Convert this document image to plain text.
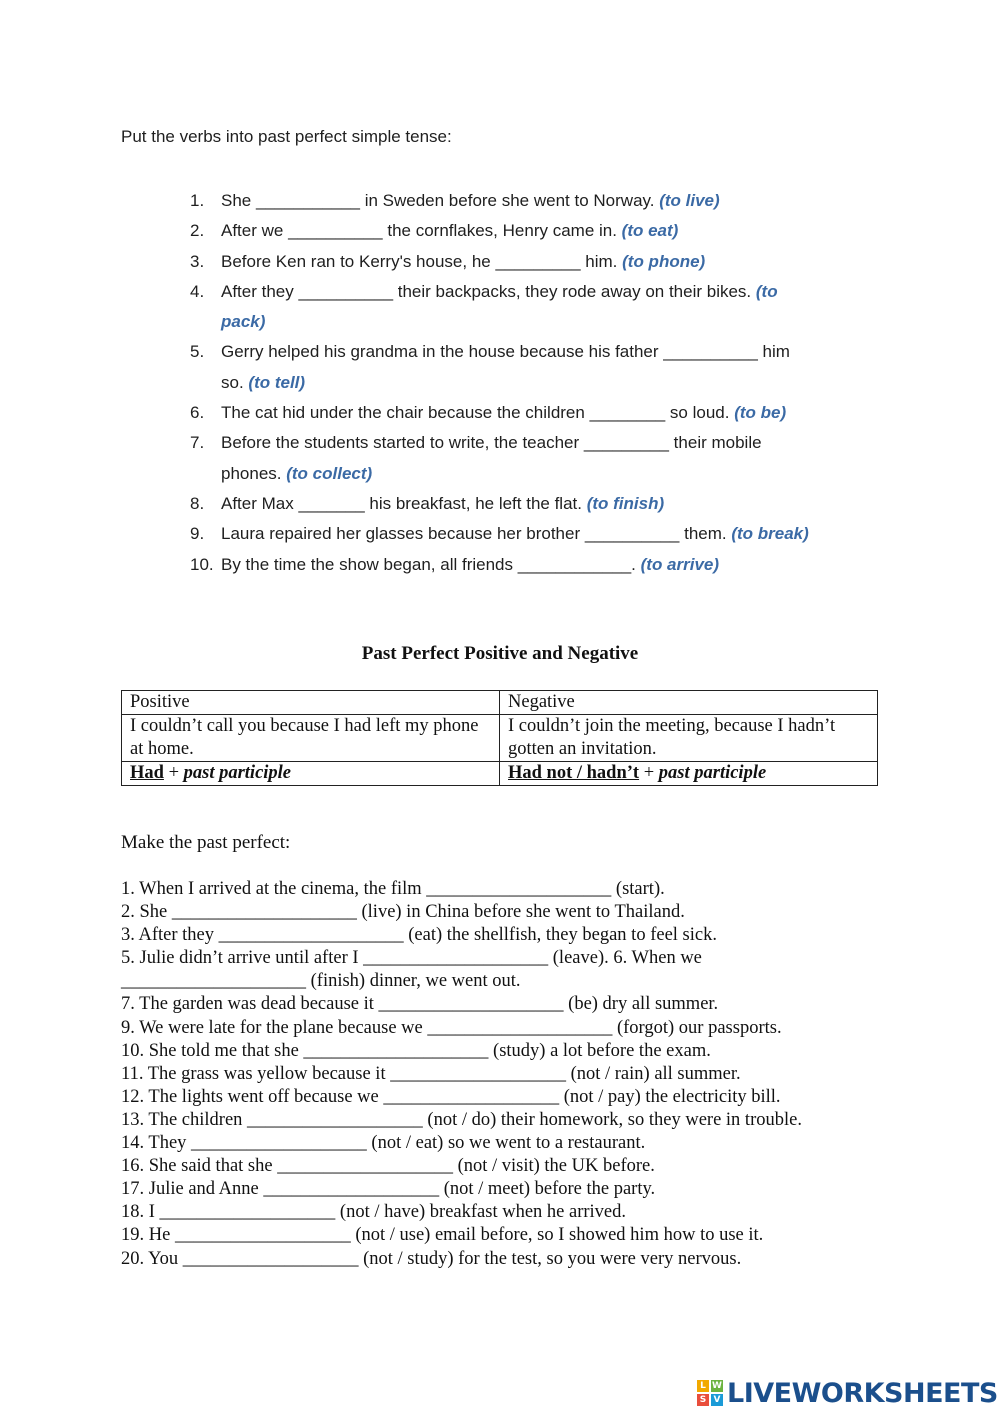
Put the verbs into past perfect simple tense:
1. She ___________ in Sweden before she went to Norway. (to live)
2. After we __________ the cornflakes, Henry came in. (to eat)
3. Before Ken ran to Kerry's house, he _________ him. (to phone)
4. After they __________ their backpacks, they rode away on their bikes. (to
pack)
5. Gerry helped his grandma in the house because his father __________ him
so. (to tell)
6. The cat hid under the chair because the children ________ so loud. (to be)
7. Before the students started to write, the teacher _________ their mobile
phones. (to collect)
8. After Max _______ his breakfast, he left the flat. (to finish)
9. Laura repaired her glasses because her brother __________ them. (to break)
10. By the time the show began, all friends ____________. (to arrive)
Past Perfect Positive and Negative
Positive	Negative
I couldn’t call you because I had left my phone at home.	I couldn’t join the meeting, because I hadn’t gotten an invitation.
Had + past participle	Had not / hadn’t + past participle
Make the past perfect:
1. When I arrived at the cinema, the film ____________________ (start).
2. She ____________________ (live) in China before she went to Thailand.
3. After they ____________________ (eat) the shellfish, they began to feel sick.
5. Julie didn’t arrive until after I ____________________ (leave). 6. When we
____________________ (finish) dinner, we went out.
7. The garden was dead because it ____________________ (be) dry all summer.
9. We were late for the plane because we ____________________ (forgot) our passports.
10. She told me that she ____________________ (study) a lot before the exam.
11. The grass was yellow because it ___________________ (not / rain) all summer.
12. The lights went off because we ___________________ (not / pay) the electricity bill.
13. The children ___________________ (not / do) their homework, so they were in trouble.
14. They ___________________ (not / eat) so we went to a restaurant.
16. She said that she ___________________ (not / visit) the UK before.
17. Julie and Anne ___________________ (not / meet) before the party.
18. I ___________________ (not / have) breakfast when he arrived.
19. He ___________________ (not / use) email before, so I showed him how to use it.
20. You ___________________ (not / study) for the test, so you were very nervous.
L W
S V LIVEWORKSHEETS
